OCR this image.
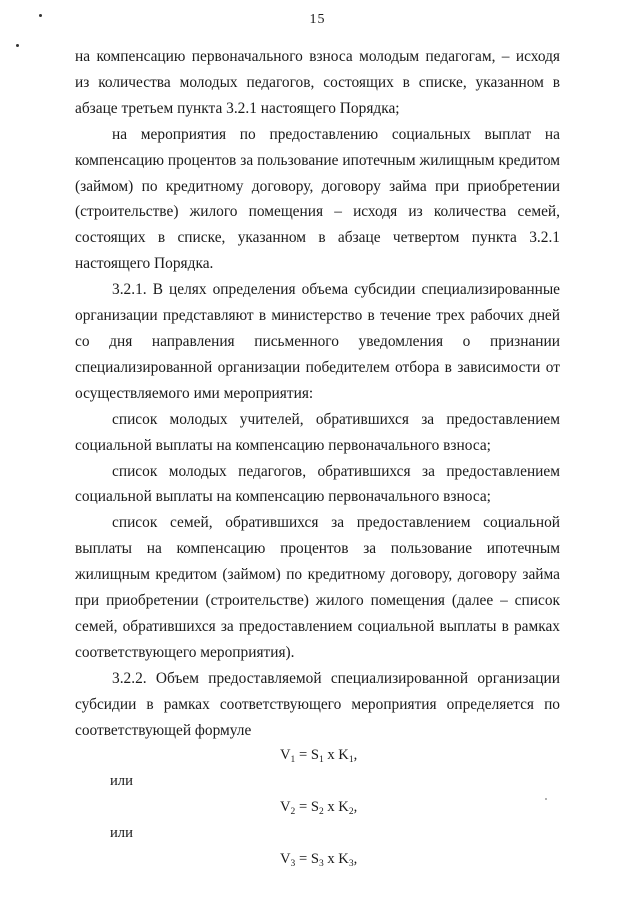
15

на компенсацию первоначального взноса молодым педагогам, – исходя из количества молодых педагогов, состоящих в списке, указанном в абзаце третьем пункта 3.2.1 настоящего Порядка;

на мероприятия по предоставлению социальных выплат на компенсацию процентов за пользование ипотечным жилищным кредитом (займом) по кредитному договору, договору займа при приобретении (строительстве) жилого помещения – исходя из количества семей, состоящих в списке, указанном в абзаце четвертом пункта 3.2.1 настоящего Порядка.

3.2.1. В целях определения объема субсидии специализированные организации представляют в министерство в течение трех рабочих дней со дня направления письменного уведомления о признании специализированной организации победителем отбора в зависимости от осуществляемого ими мероприятия:

список молодых учителей, обратившихся за предоставлением социальной выплаты на компенсацию первоначального взноса;

список молодых педагогов, обратившихся за предоставлением социальной выплаты на компенсацию первоначального взноса;

список семей, обратившихся за предоставлением социальной выплаты на компенсацию процентов за пользование ипотечным жилищным кредитом (займом) по кредитному договору, договору займа при приобретении (строительстве) жилого помещения (далее – список семей, обратившихся за предоставлением социальной выплаты в рамках соответствующего мероприятия).

3.2.2. Объем предоставляемой специализированной организации субсидии в рамках соответствующего мероприятия определяется по соответствующей формуле

$V_1 = S_1$ x $K_1$,

или

$V_2 = S_2$ x $K_2$,

или

$V_3 = S_3$ x $K_3$,
